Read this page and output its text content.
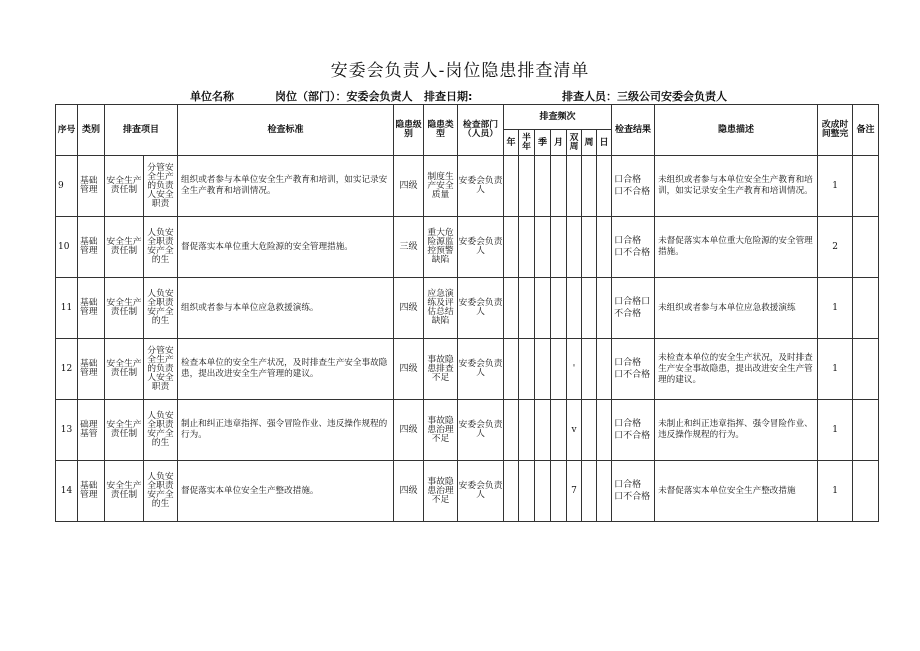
安委会负责人-岗位隐患排查清单
单位名称	岗位（部门）：安委会负责人 排查日期:	排查人员：三级公司安委会负责人
序号	类别	排查项目		检查标准	隐患级别	隐患类型	检查部门（人员）	排查频次							检查结果	隐患描述	改成时间整完	备注
								年	半年	季	月	双周	周	日				
9	基础管理	安全生产责任制	分管安全生产的负责人安全职责	组织或者参与本单位安全生产教育和培训，如实记录安全生产教育和培训情况。	四级	制度生产安全质量	安委会负责人								口合格
口不合格	未组织或者参与本单位安全生产教育和培训，如实记录安全生产教育和培训情况。	1	
10	基础管理	安全生产责任制	人负安全职责安产全的生	督促落实本单位重大危险源的安全管理措施。	三级	重大危险源监控预警缺陷	安委会负责人								口合格
口不合格	未督促落实本单位重大危险源的安全管理措施。	2	
11	基础管理	安全生产责任制	人负安全职责安产全的生	组织或者参与本单位应急救援演练。	四级	应急演练及评估总结缺陷	安委会负责人								口合格口
不合格	未组织或者参与本单位应急救援演练	1	
12	基础管理	安全生产责任制	分管安全生产的负责人安全职责	检查本单位的安全生产状况，及时排查生产安全事故隐患，提出改进安全生产管理的建议。	四级	事故隐患排查不足	安委会负责人					'			口合格
口不合格	未检查本单位的安全生产状况，及时排查生产安全事故隐患，提出改进安全生产管理的建议。	1	
13	础理基管	安全生产责任制	人负安全职责安产全的生	制止和纠正违章指挥、强令冒险作业、违反操作规程的行为。	四级	事故隐患治理不足	安委会负责人					v			口合格
口不合格	未制止和纠正违章指挥、强令冒险作业、违反操作规程的行为。	1	
14	基础管理	安全生产责任制	人负安全职责安产全的生	督促落实本单位安全生产整改措施。	四级	事故隐患治理不足	安委会负责人					7			口合格
口不合格	未督促落实本单位安全生产整改措施	1	
